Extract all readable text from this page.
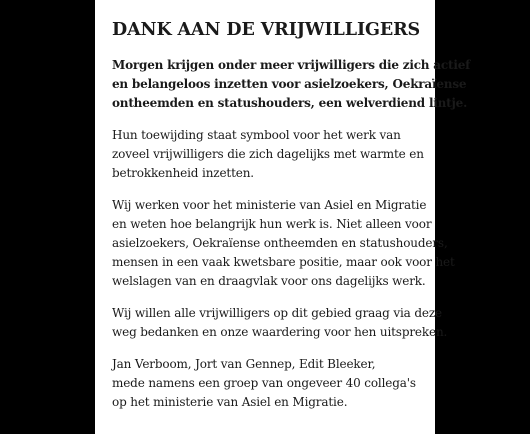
DANK AAN DE VRIJWILLIGERS

Morgen krijgen onder meer vrijwilligers die zich actief
en belangeloos inzetten voor asielzoekers, Oekraïense
ontheemden en statushouders, een welverdiend lintje.

Hun toewijding staat symbool voor het werk van
zoveel vrijwilligers die zich dagelijks met warmte en
betrokkenheid inzetten.

Wij werken voor het ministerie van Asiel en Migratie
en weten hoe belangrijk hun werk is. Niet alleen voor
asielzoekers, Oekraïense ontheemden en statushouders,
mensen in een vaak kwetsbare positie, maar ook voor het
welslagen van en draagvlak voor ons dagelijks werk.

Wij willen alle vrijwilligers op dit gebied graag via deze
weg bedanken en onze waardering voor hen uitspreken.

Jan Verboom, Jort van Gennep, Edit Bleeker,
mede namens een groep van ongeveer 40 collega's
op het ministerie van Asiel en Migratie.
